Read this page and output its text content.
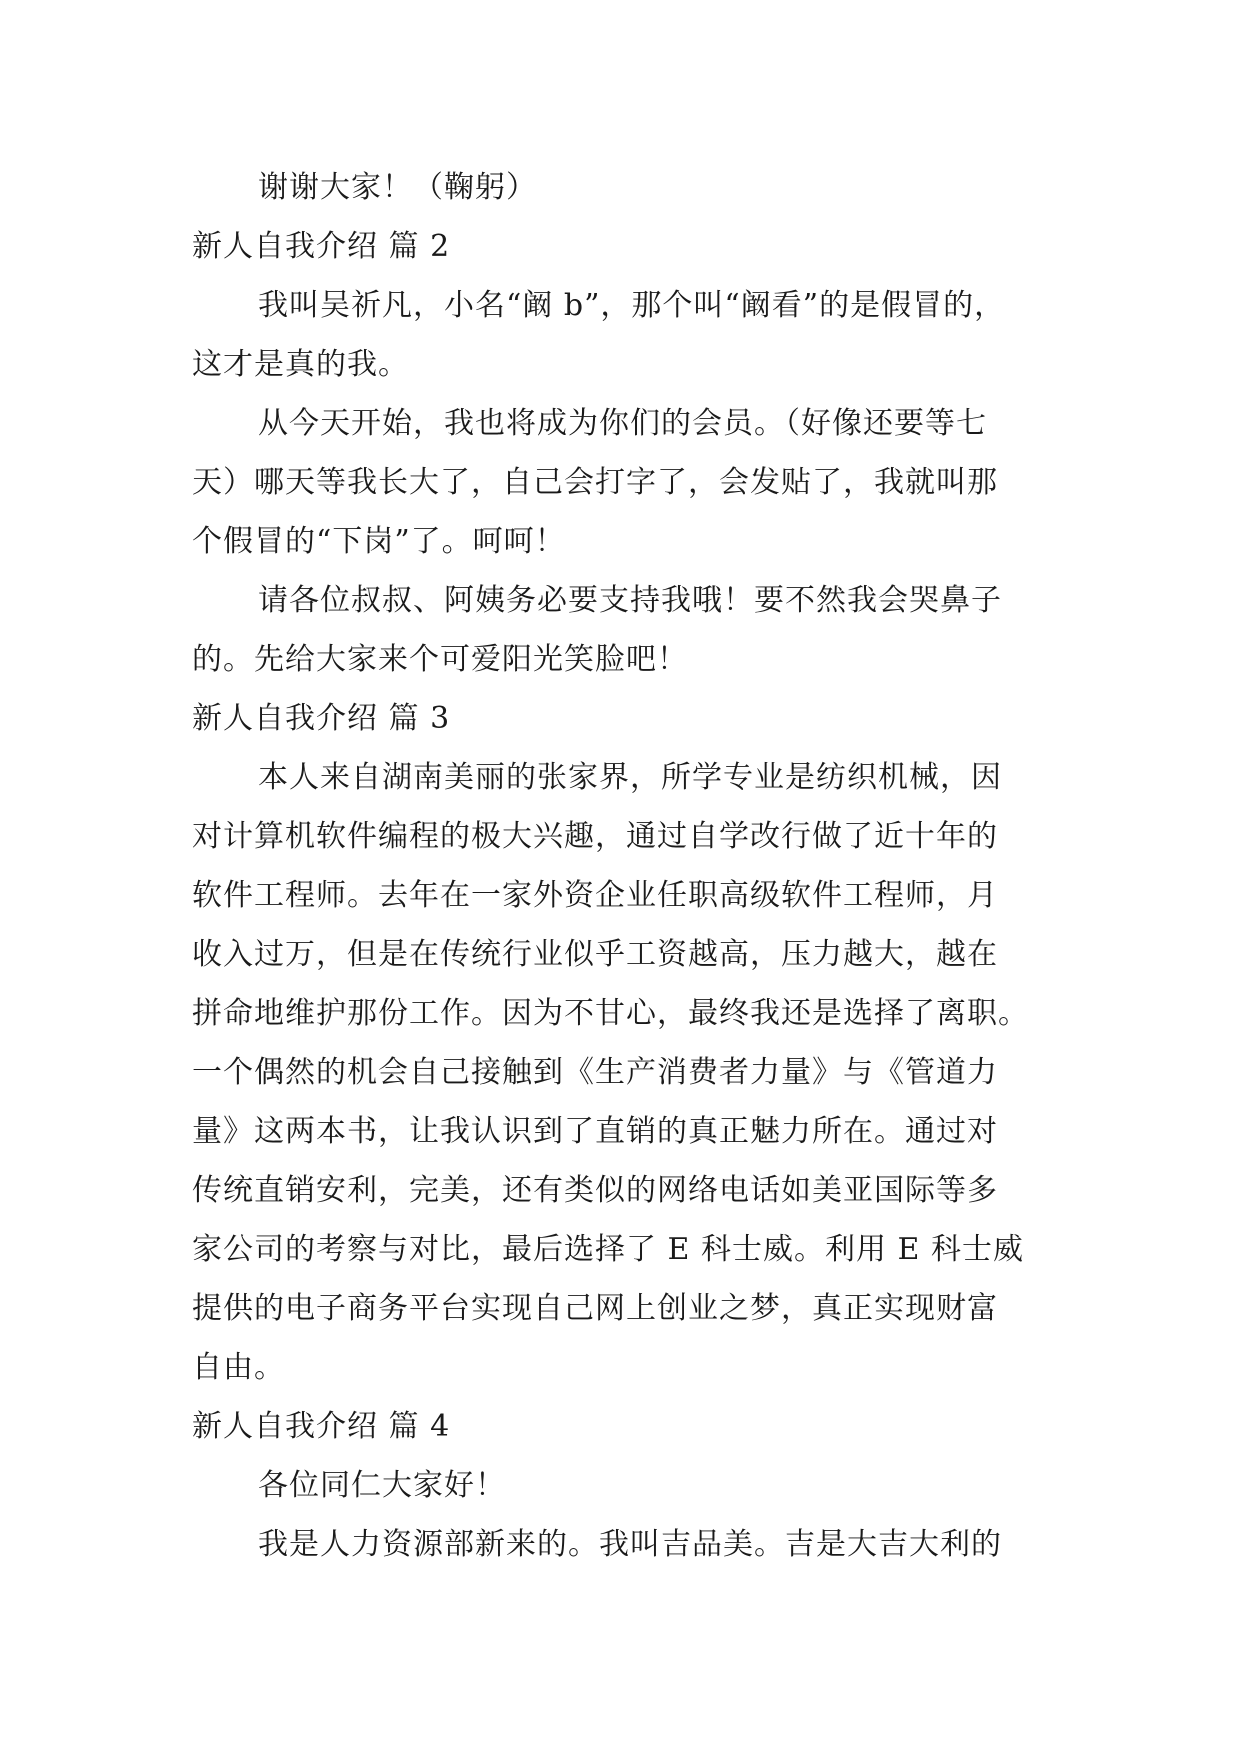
谢谢大家！（鞠躬）
新人自我介绍 篇 2
我叫吴祈凡，小名“阚 b”，那个叫“阚看”的是假冒的，
这才是真的我。
从今天开始，我也将成为你们的会员。（好像还要等七
天）哪天等我长大了，自己会打字了，会发贴了，我就叫那
个假冒的“下岗”了。呵呵！
请各位叔叔、阿姨务必要支持我哦！要不然我会哭鼻子
的。先给大家来个可爱阳光笑脸吧！
新人自我介绍 篇 3
本人来自湖南美丽的张家界，所学专业是纺织机械，因
对计算机软件编程的极大兴趣，通过自学改行做了近十年的
软件工程师。去年在一家外资企业任职高级软件工程师，月
收入过万，但是在传统行业似乎工资越高，压力越大，越在
拼命地维护那份工作。因为不甘心，最终我还是选择了离职。
一个偶然的机会自己接触到《生产消费者力量》与《管道力
量》这两本书，让我认识到了直销的真正魅力所在。通过对
传统直销安利，完美，还有类似的网络电话如美亚国际等多
家公司的考察与对比，最后选择了 E 科士威。利用 E 科士威
提供的电子商务平台实现自己网上创业之梦，真正实现财富
自由。
新人自我介绍 篇 4
各位同仁大家好！
我是人力资源部新来的。我叫吉品美。吉是大吉大利的
